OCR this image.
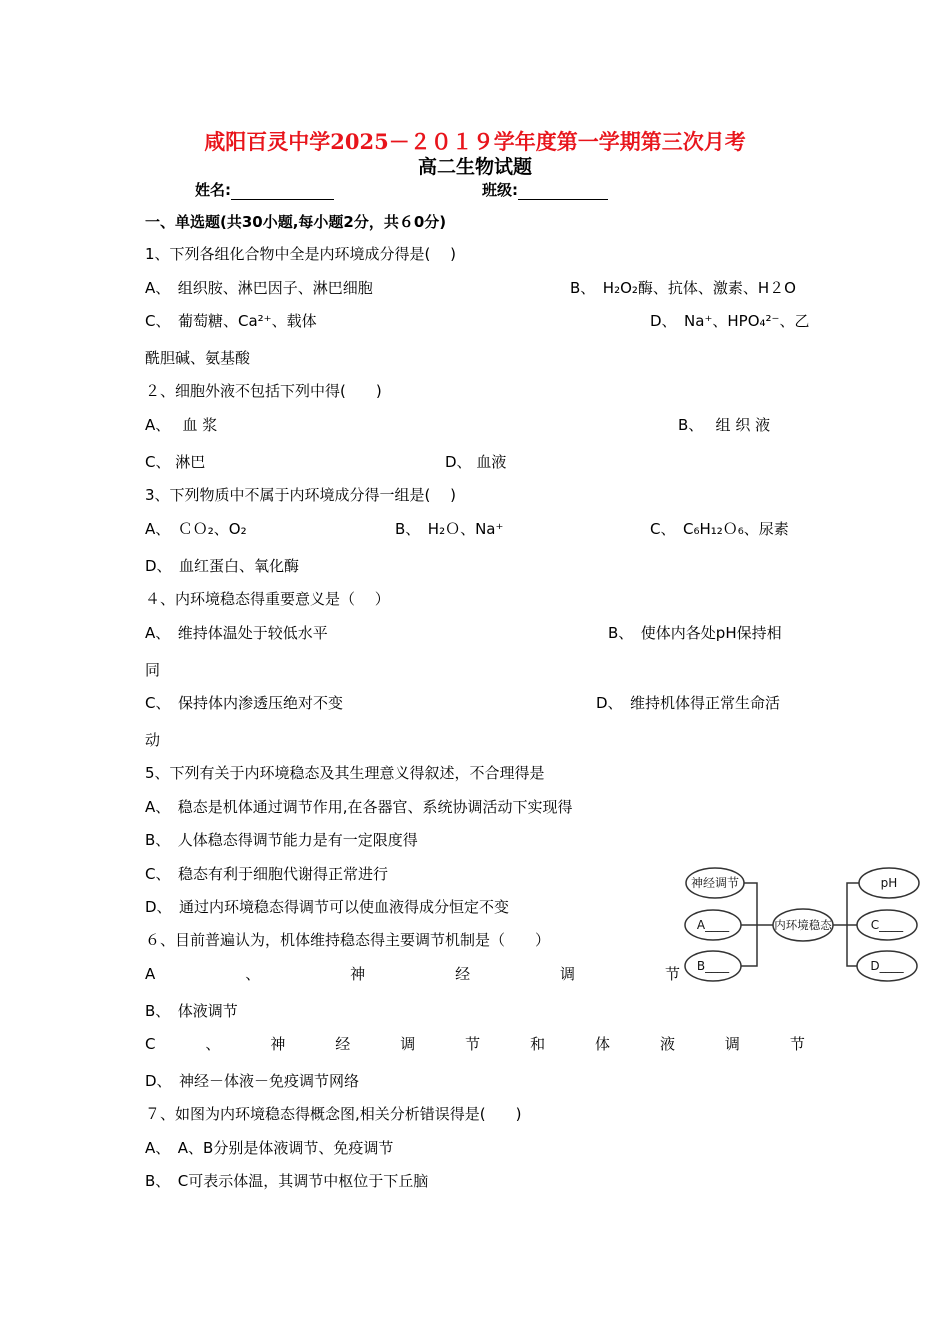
咸阳百灵中学2025－２０１９学年度第一学期第三次月考
高二生物试题
姓名:	班级:
一、单选题(共30小题,每小题2分，共６0分)
1、下列各组化合物中全是内环境成分得是(　 )
A、　组织胺、淋巴因子、淋巴细胞	B、　H₂O₂酶、抗体、激素、H２O
C、　葡萄糖、Ca²⁺、载体	D、　Na⁺、HPO₄²⁻、乙
酰胆碱、氨基酸
２、细胞外液不包括下列中得(　　)
A、　 血 浆	B、　 组 织 液
C、 淋巴	D、 血液
3、下列物质中不属于内环境成分得一组是(　 )
A、　ＣＯ₂、O₂	B、　H₂Ｏ、Na⁺	C、　C₆H₁₂Ｏ₆、尿素
D、　血红蛋白、氧化酶
４、内环境稳态得重要意义是（　 ）
A、　维持体温处于较低水平	B、　使体内各处pH保持相
同
C、　保持体内渗透压绝对不变	D、　维持机体得正常生命活
动
5、下列有关于内环境稳态及其生理意义得叙述，不合理得是
A、　稳态是机体通过调节作用,在各器官、系统协调活动下实现得
B、　人体稳态得调节能力是有一定限度得
C、　稳态有利于细胞代谢得正常进行
D、　通过内环境稳态得调节可以使血液得成分恒定不变
６、目前普遍认为，机体维持稳态得主要调节机制是（　　）
A	、	神	经	调	节
B、　体液调节
C	、	神	经	调	节	和	体	液	调	节
D、　神经－体液－免疫调节网络
７、如图为内环境稳态得概念图,相关分析错误得是(　　)
A、　A、B分别是体液调节、免疫调节
B、　C可表示体温，其调节中枢位于下丘脑
神经调节
A____
B____
内环境稳态
pH
C____
D____
